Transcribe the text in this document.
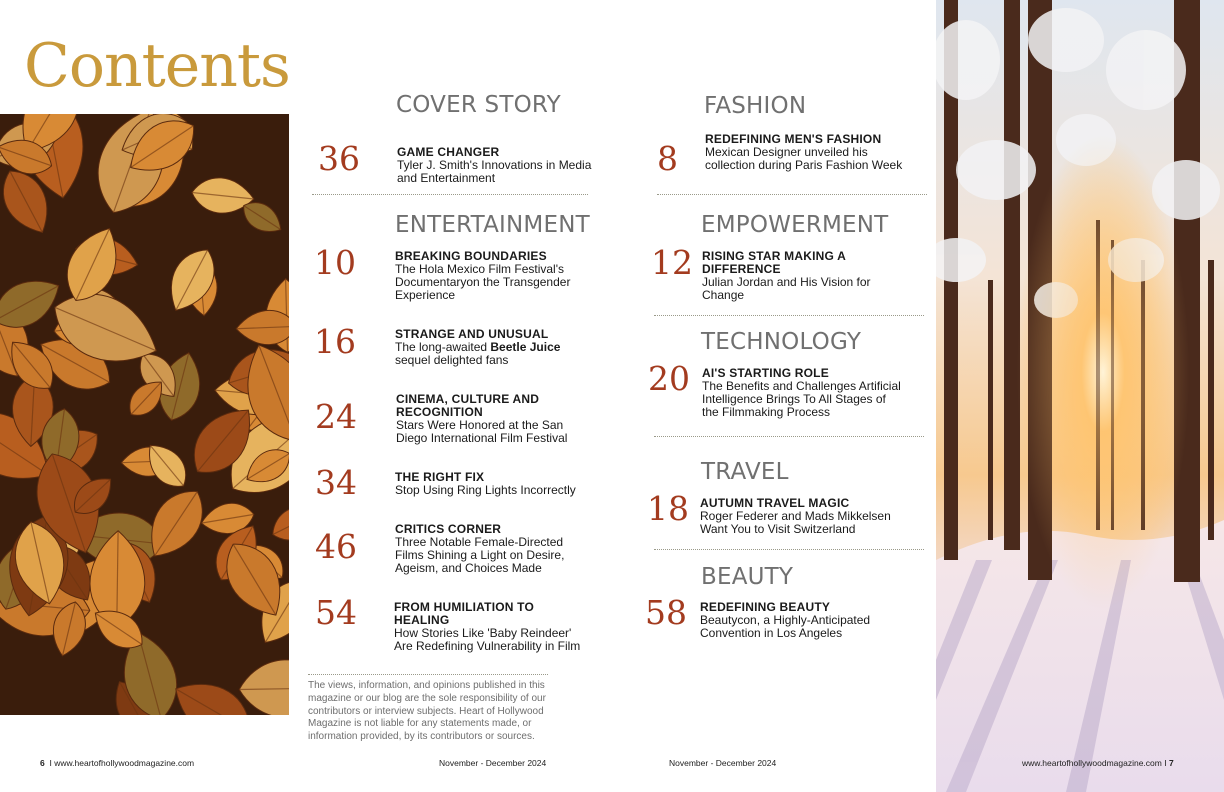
Contents
COVER STORY
36	GAME CHANGER
Tyler J. Smith's Innovations in Media and Entertainment
ENTERTAINMENT
10	BREAKING BOUNDARIES
The Hola Mexico Film Festival's Documentaryon the Transgender Experience
16	STRANGE AND UNUSUAL
The long-awaited Beetle Juice
sequel delighted fans
24	CINEMA, CULTURE AND RECOGNITION
Stars Were Honored at the San Diego International Film Festival
34	THE RIGHT FIX
Stop Using Ring Lights Incorrectly
46	CRITICS CORNER
Three Notable Female-Directed Films Shining a Light on Desire, Ageism, and Choices Made
54	FROM HUMILIATION TO HEALING
How Stories Like 'Baby Reindeer' Are Redefining Vulnerability in Film
FASHION
8 REDEFINING MEN'S FASHION
Mexican Designer unveiled his collection during Paris Fashion Week
EMPOWERMENT
12 RISING STAR MAKING A DIFFERENCE
Julian Jordan and His Vision for Change
TECHNOLOGY
20 AI'S STARTING ROLE
The Benefits and Challenges Artificial Intelligence Brings To All Stages of the Filmmaking Process
TRAVEL
18 AUTUMN TRAVEL MAGIC
Roger Federer and Mads Mikkelsen Want You to Visit Switzerland
BEAUTY
58 REDEFINING BEAUTY
Beautycon, a Highly-Anticipated Convention in Los Angeles
The views, information, and opinions published in this magazine or our blog are the sole responsibility of our contributors or interview subjects. Heart of Hollywood Magazine is not liable for any statements made, or information provided, by its contributors or sources.
6 I www.heartofhollywoodmagazine.com	November - December 2024	November - December 2024	www.heartofhollywoodmagazine.com I 7
